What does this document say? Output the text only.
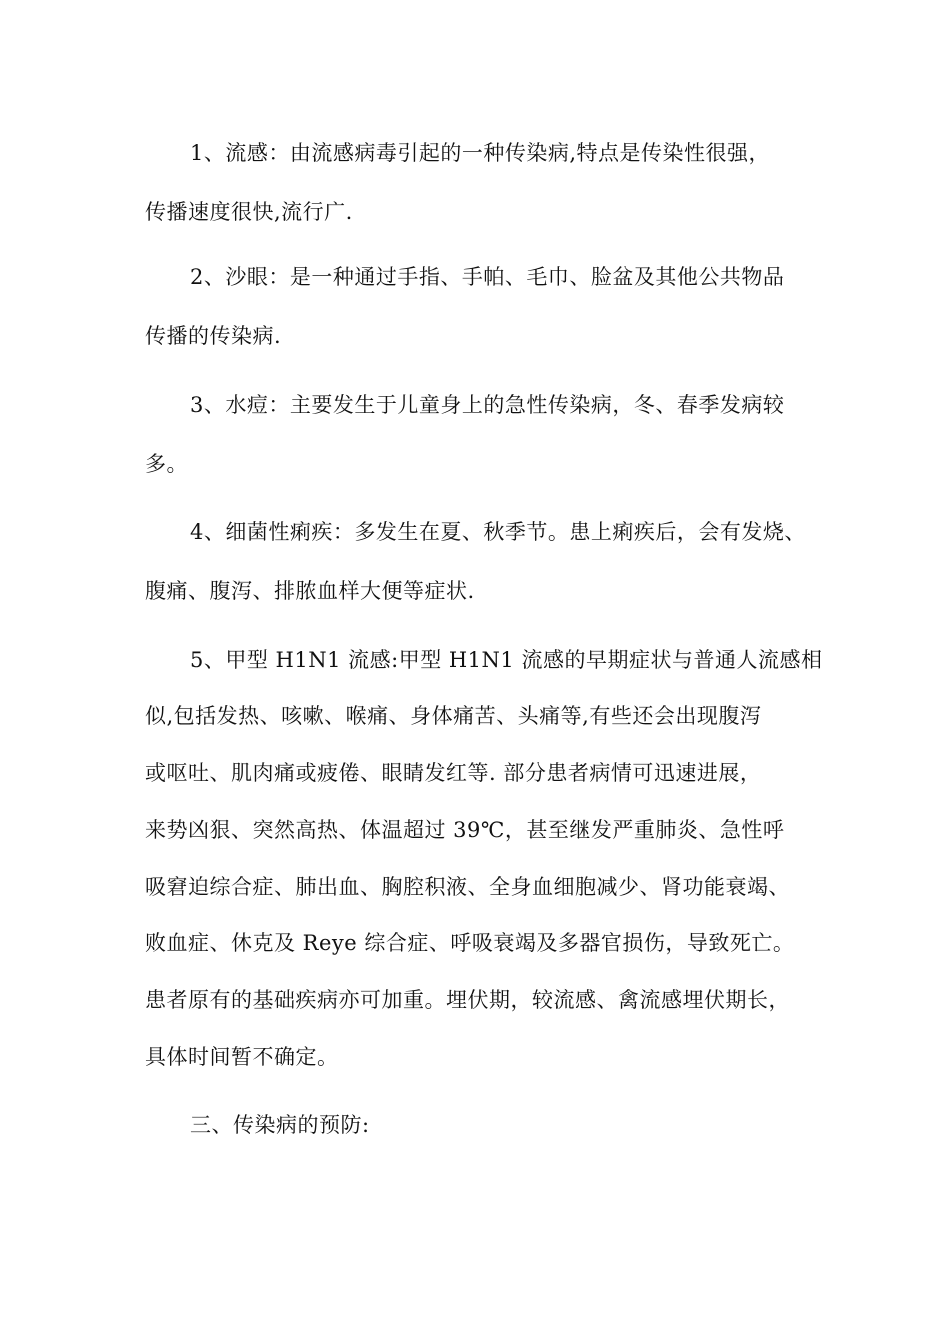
1、流感：由流感病毒引起的一种传染病,特点是传染性很强，
传播速度很快,流行广.
2、沙眼：是一种通过手指、手帕、毛巾、脸盆及其他公共物品
传播的传染病.
3、水痘：主要发生于儿童身上的急性传染病，冬、春季发病较
多。
4、细菌性痢疾：多发生在夏、秋季节。患上痢疾后，会有发烧、
腹痛、腹泻、排脓血样大便等症状.
5、甲型 H1N1 流感:甲型 H1N1 流感的早期症状与普通人流感相
似,包括发热、咳嗽、喉痛、身体痛苦、头痛等,有些还会出现腹泻
或呕吐、肌肉痛或疲倦、眼睛发红等. 部分患者病情可迅速进展，
来势凶狠、突然高热、体温超过 39℃，甚至继发严重肺炎、急性呼
吸窘迫综合症、肺出血、胸腔积液、全身血细胞减少、肾功能衰竭、
败血症、休克及 Reye 综合症、呼吸衰竭及多器官损伤，导致死亡。
患者原有的基础疾病亦可加重。埋伏期，较流感、禽流感埋伏期长，
具体时间暂不确定。
三、传染病的预防:
